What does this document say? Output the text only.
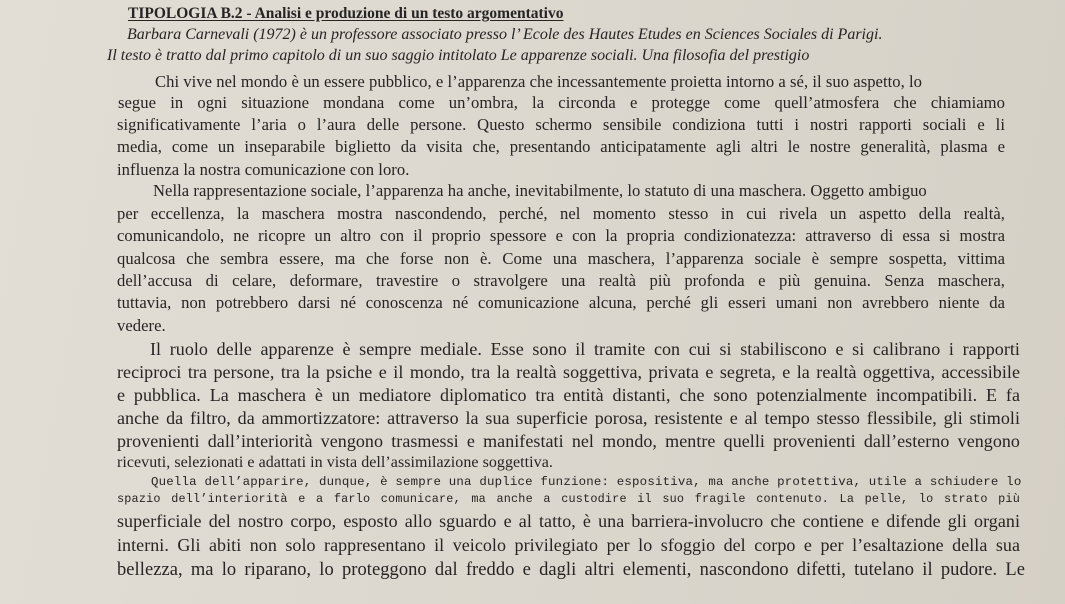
TIPOLOGIA B.2 - Analisi e produzione di un testo argomentativo
Barbara Carnevali (1972) è un professore associato presso l’ Ecole des Hautes Etudes en Sciences Sociales di Parigi.
Il testo è tratto dal primo capitolo di un suo saggio intitolato Le apparenze sociali. Una filosofia del prestigio
Chi vive nel mondo è un essere pubblico, e l’apparenza che incessantemente proietta intorno a sé, il suo aspetto, lo
segue in ogni situazione mondana come un’ombra, la circonda e protegge come quell’atmosfera che chiamiamo
significativamente l’aria o l’aura delle persone. Questo schermo sensibile condiziona tutti i nostri rapporti sociali e li
media, come un inseparabile biglietto da visita che, presentando anticipatamente agli altri le nostre generalità, plasma e
influenza la nostra comunicazione con loro.
Nella rappresentazione sociale, l’apparenza ha anche, inevitabilmente, lo statuto di una maschera. Oggetto ambiguo
per eccellenza, la maschera mostra nascondendo, perché, nel momento stesso in cui rivela un aspetto della realtà,
comunicandolo, ne ricopre un altro con il proprio spessore e con la propria condizionatezza: attraverso di essa si mostra
qualcosa che sembra essere, ma che forse non è. Come una maschera, l’apparenza sociale è sempre sospetta, vittima
dell’accusa di celare, deformare, travestire o stravolgere una realtà più profonda e più genuina. Senza maschera,
tuttavia, non potrebbero darsi né conoscenza né comunicazione alcuna, perché gli esseri umani non avrebbero niente da
vedere.
Il ruolo delle apparenze è sempre mediale. Esse sono il tramite con cui si stabiliscono e si calibrano i rapporti
reciproci tra persone, tra la psiche e il mondo, tra la realtà soggettiva, privata e segreta, e la realtà oggettiva, accessibile
e pubblica. La maschera è un mediatore diplomatico tra entità distanti, che sono potenzialmente incompatibili. E fa
anche da filtro, da ammortizzatore: attraverso la sua superficie porosa, resistente e al tempo stesso flessibile, gli stimoli
provenienti dall’interiorità vengono trasmessi e manifestati nel mondo, mentre quelli provenienti dall’esterno vengono
ricevuti, selezionati e adattati in vista dell’assimilazione soggettiva.
Quella dell’apparire, dunque, è sempre una duplice funzione: espositiva, ma anche protettiva, utile a schiudere lo
spazio dell’interiorità e a farlo comunicare, ma anche a custodire il suo fragile contenuto. La pelle, lo strato più
superficiale del nostro corpo, esposto allo sguardo e al tatto, è una barriera-involucro che contiene e difende gli organi
interni. Gli abiti non solo rappresentano il veicolo privilegiato per lo sfoggio del corpo e per l’esaltazione della sua
bellezza, ma lo riparano, lo proteggono dal freddo e dagli altri elementi, nascondono difetti, tutelano il pudore. Le
